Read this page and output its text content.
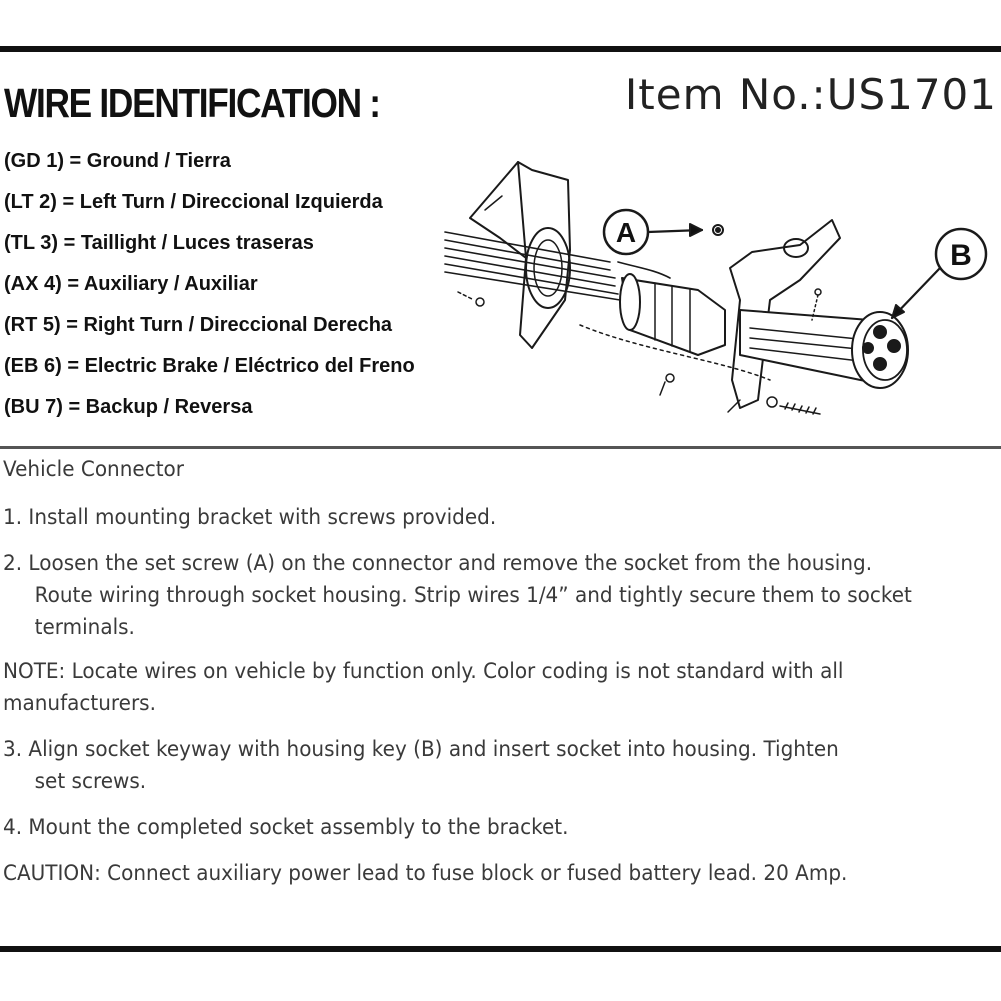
WIRE IDENTIFICATION :	Item No.:US1701
(GD 1) = Ground / Tierra
(LT 2) = Left Turn / Direccional Izquierda
(TL 3) = Taillight / Luces traseras
(AX 4) = Auxiliary / Auxiliar
(RT 5) = Right Turn / Direccional Derecha
(EB 6) = Electric Brake / Eléctrico del Freno
(BU 7) = Backup / Reversa
A
B
Vehicle Connector
1. Install mounting bracket with screws provided.
2. Loosen the set screw (A) on the connector and remove the socket from the housing.
Route wiring through socket housing. Strip wires 1/4” and tightly secure them to socket
terminals.
NOTE: Locate wires on vehicle by function only. Color coding is not standard with all
manufacturers.
3. Align socket keyway with housing key (B) and insert socket into housing. Tighten
set screws.
4. Mount the completed socket assembly to the bracket.
CAUTION: Connect auxiliary power lead to fuse block or fused battery lead. 20 Amp.
